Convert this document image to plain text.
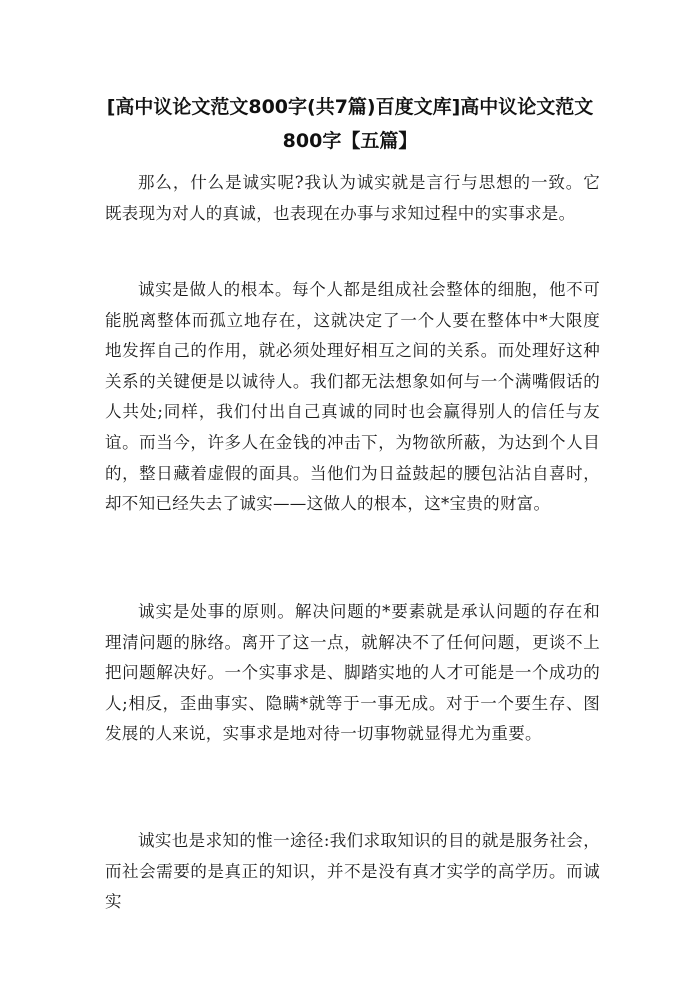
[高中议论文范文800字(共7篇)百度文库]高中议论文范文
800字【五篇】

那么，什么是诚实呢?我认为诚实就是言行与思想的一致。它既表现为对人的真诚，也表现在办事与求知过程中的实事求是。

诚实是做人的根本。每个人都是组成社会整体的细胞，他不可能脱离整体而孤立地存在，这就决定了一个人要在整体中*大限度地发挥自己的作用，就必须处理好相互之间的关系。而处理好这种关系的关键便是以诚待人。我们都无法想象如何与一个满嘴假话的人共处;同样，我们付出自己真诚的同时也会赢得别人的信任与友谊。而当今，许多人在金钱的冲击下，为物欲所蔽，为达到个人目的，整日藏着虚假的面具。当他们为日益鼓起的腰包沾沾自喜时，却不知已经失去了诚实——这做人的根本，这*宝贵的财富。

诚实是处事的原则。解决问题的*要素就是承认问题的存在和理清问题的脉络。离开了这一点，就解决不了任何问题，更谈不上把问题解决好。一个实事求是、脚踏实地的人才可能是一个成功的人;相反，歪曲事实、隐瞒*就等于一事无成。对于一个要生存、图发展的人来说，实事求是地对待一切事物就显得尤为重要。

诚实也是求知的惟一途径:我们求取知识的目的就是服务社会，而社会需要的是真正的知识，并不是没有真才实学的高学历。而诚实
